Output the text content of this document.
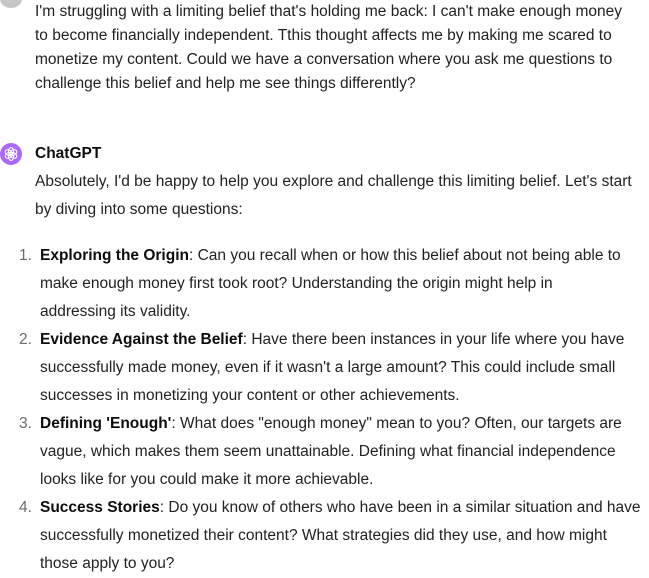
I'm struggling with a limiting belief that's holding me back: I can't make enough money
to become financially independent. Tthis thought affects me by making me scared to
monetize my content. Could we have a conversation where you ask me questions to
challenge this belief and help me see things differently?
ChatGPT
Absolutely, I'd be happy to help you explore and challenge this limiting belief. Let's start
by diving into some questions:
1. Exploring the Origin: Can you recall when or how this belief about not being able to
make enough money first took root? Understanding the origin might help in
addressing its validity.
2. Evidence Against the Belief: Have there been instances in your life where you have
successfully made money, even if it wasn't a large amount? This could include small
successes in monetizing your content or other achievements.
3. Defining 'Enough': What does "enough money" mean to you? Often, our targets are
vague, which makes them seem unattainable. Defining what financial independence
looks like for you could make it more achievable.
4. Success Stories: Do you know of others who have been in a similar situation and have
successfully monetized their content? What strategies did they use, and how might
those apply to you?
